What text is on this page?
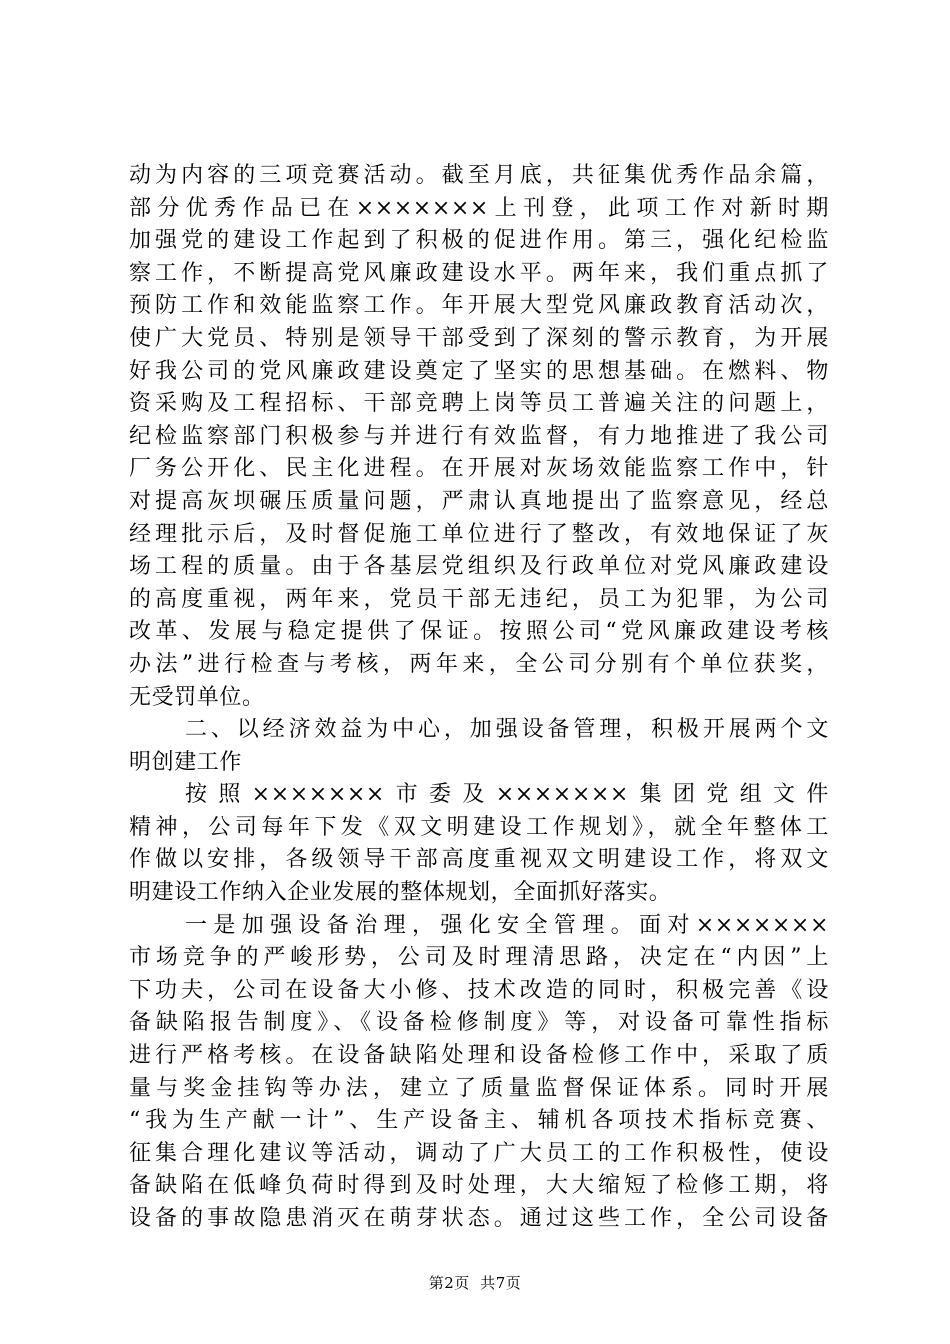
动为内容的三项竞赛活动。截至月底，共征集优秀作品余篇，
部分优秀作品已在×××××××上刊登，此项工作对新时期
加强党的建设工作起到了积极的促进作用。第三，强化纪检监
察工作，不断提高党风廉政建设水平。两年来，我们重点抓了
预防工作和效能监察工作。年开展大型党风廉政教育活动次，
使广大党员、特别是领导干部受到了深刻的警示教育，为开展
好我公司的党风廉政建设奠定了坚实的思想基础。在燃料、物
资采购及工程招标、干部竞聘上岗等员工普遍关注的问题上，
纪检监察部门积极参与并进行有效监督，有力地推进了我公司
厂务公开化、民主化进程。在开展对灰场效能监察工作中，针
对提高灰坝碾压质量问题，严肃认真地提出了监察意见，经总
经理批示后，及时督促施工单位进行了整改，有效地保证了灰
场工程的质量。由于各基层党组织及行政单位对党风廉政建设
的高度重视，两年来，党员干部无违纪，员工为犯罪，为公司
改革、发展与稳定提供了保证。按照公司“党风廉政建设考核
办法”进行检查与考核，两年来，全公司分别有个单位获奖，
无受罚单位。
二、以经济效益为中心，加强设备管理，积极开展两个文
明创建工作
按照×××××××市委及×××××××集团党组文件
精神，公司每年下发《双文明建设工作规划》，就全年整体工
作做以安排，各级领导干部高度重视双文明建设工作，将双文
明建设工作纳入企业发展的整体规划，全面抓好落实。
一是加强设备治理，强化安全管理。面对×××××××
市场竞争的严峻形势，公司及时理清思路，决定在“内因”上
下功夫，公司在设备大小修、技术改造的同时，积极完善《设
备缺陷报告制度》、《设备检修制度》等，对设备可靠性指标
进行严格考核。在设备缺陷处理和设备检修工作中，采取了质
量与奖金挂钩等办法，建立了质量监督保证体系。同时开展
“我为生产献一计”、生产设备主、辅机各项技术指标竞赛、
征集合理化建议等活动，调动了广大员工的工作积极性，使设
备缺陷在低峰负荷时得到及时处理，大大缩短了检修工期，将
设备的事故隐患消灭在萌芽状态。通过这些工作，全公司设备
第2页  共7页
